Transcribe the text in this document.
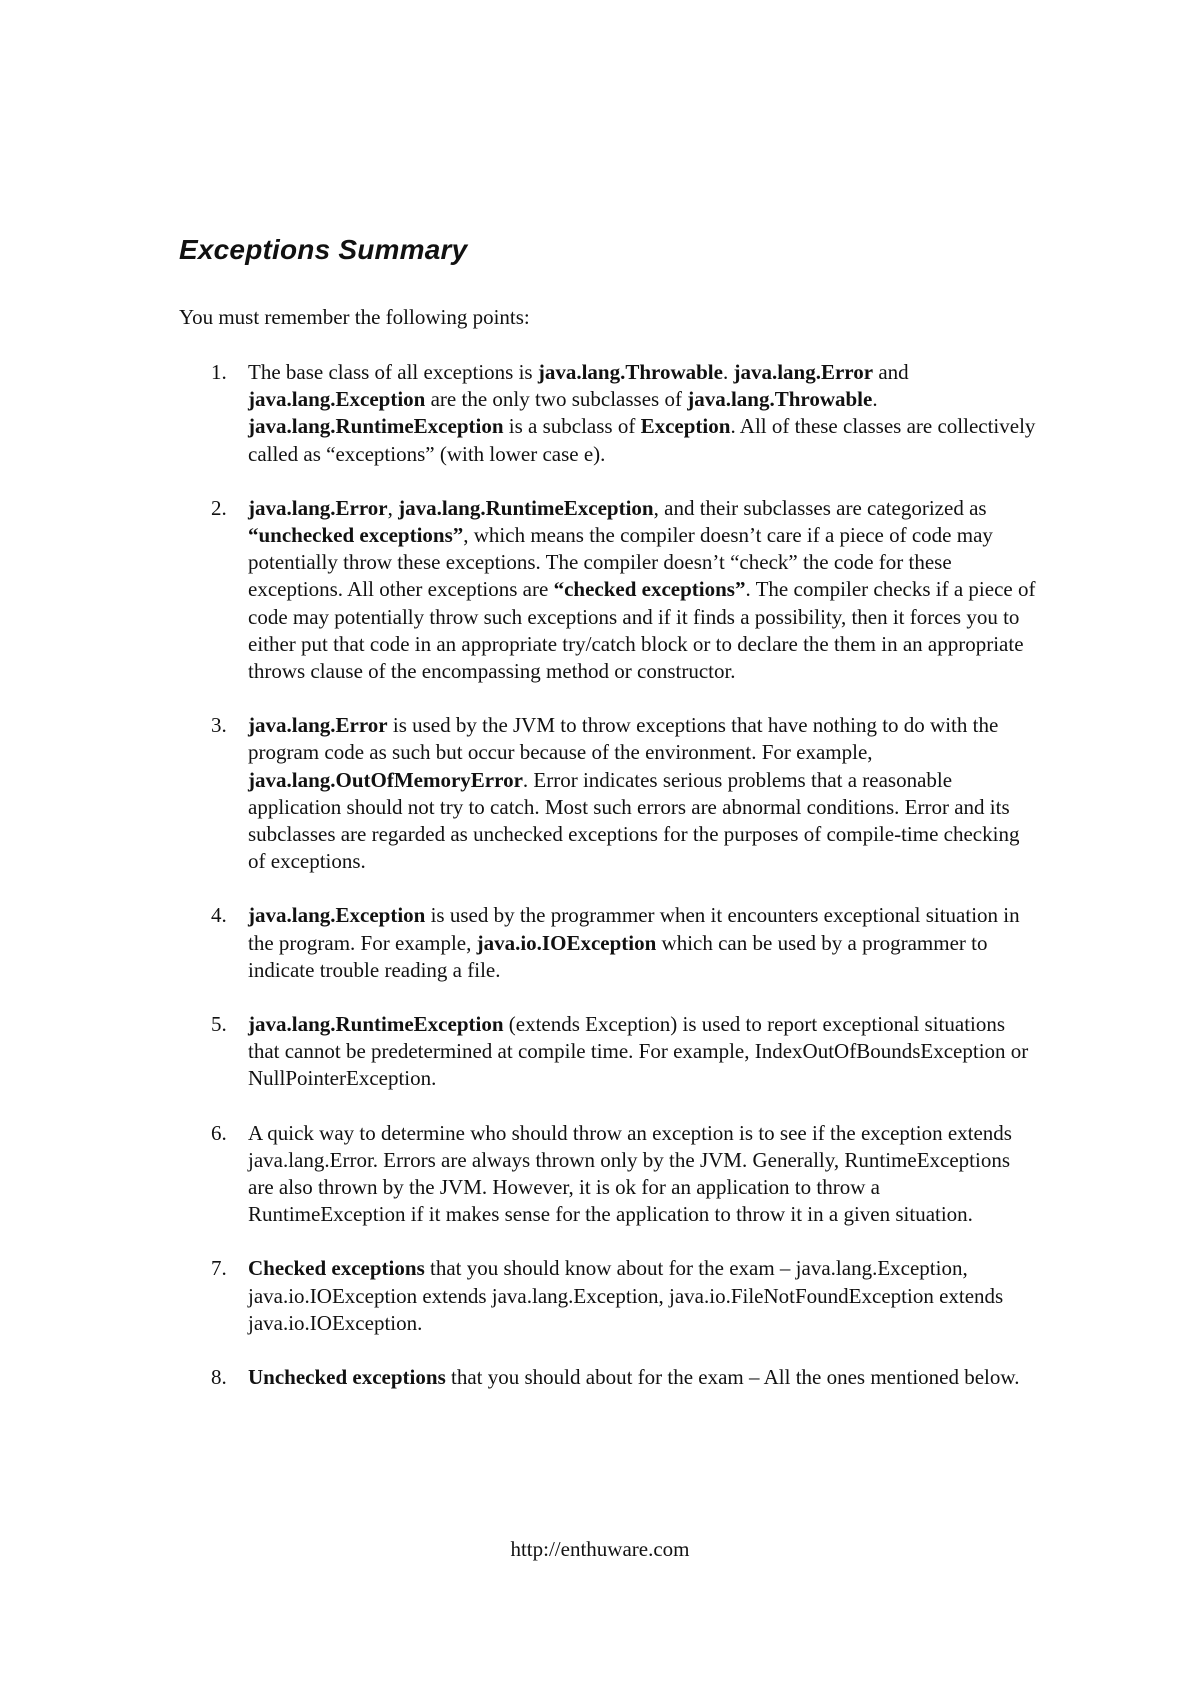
Exceptions Summary

You must remember the following points:

1. The base class of all exceptions is java.lang.Throwable. java.lang.Error and java.lang.Exception are the only two subclasses of java.lang.Throwable. java.lang.RuntimeException is a subclass of Exception. All of these classes are collectively called as “exceptions” (with lower case e).
2. java.lang.Error, java.lang.RuntimeException, and their subclasses are categorized as “unchecked exceptions”, which means the compiler doesn’t care if a piece of code may potentially throw these exceptions. The compiler doesn’t “check” the code for these exceptions. All other exceptions are “checked exceptions”. The compiler checks if a piece of code may potentially throw such exceptions and if it finds a possibility, then it forces you to either put that code in an appropriate try/catch block or to declare the them in an appropriate throws clause of the encompassing method or constructor.
3. java.lang.Error is used by the JVM to throw exceptions that have nothing to do with the program code as such but occur because of the environment. For example, java.lang.OutOfMemoryError. Error indicates serious problems that a reasonable application should not try to catch. Most such errors are abnormal conditions. Error and its subclasses are regarded as unchecked exceptions for the purposes of compile-time checking of exceptions.
4. java.lang.Exception is used by the programmer when it encounters exceptional situation in the program. For example, java.io.IOException which can be used by a programmer to indicate trouble reading a file.
5. java.lang.RuntimeException (extends Exception) is used to report exceptional situations that cannot be predetermined at compile time. For example, IndexOutOfBoundsException or NullPointerException.
6. A quick way to determine who should throw an exception is to see if the exception extends java.lang.Error. Errors are always thrown only by the JVM. Generally, RuntimeExceptions are also thrown by the JVM. However, it is ok for an application to throw a RuntimeException if it makes sense for the application to throw it in a given situation.
7. Checked exceptions that you should know about for the exam – java.lang.Exception, java.io.IOException extends java.lang.Exception, java.io.FileNotFoundException extends java.io.IOException.
8. Unchecked exceptions that you should about for the exam – All the ones mentioned below.

http://enthuware.com
